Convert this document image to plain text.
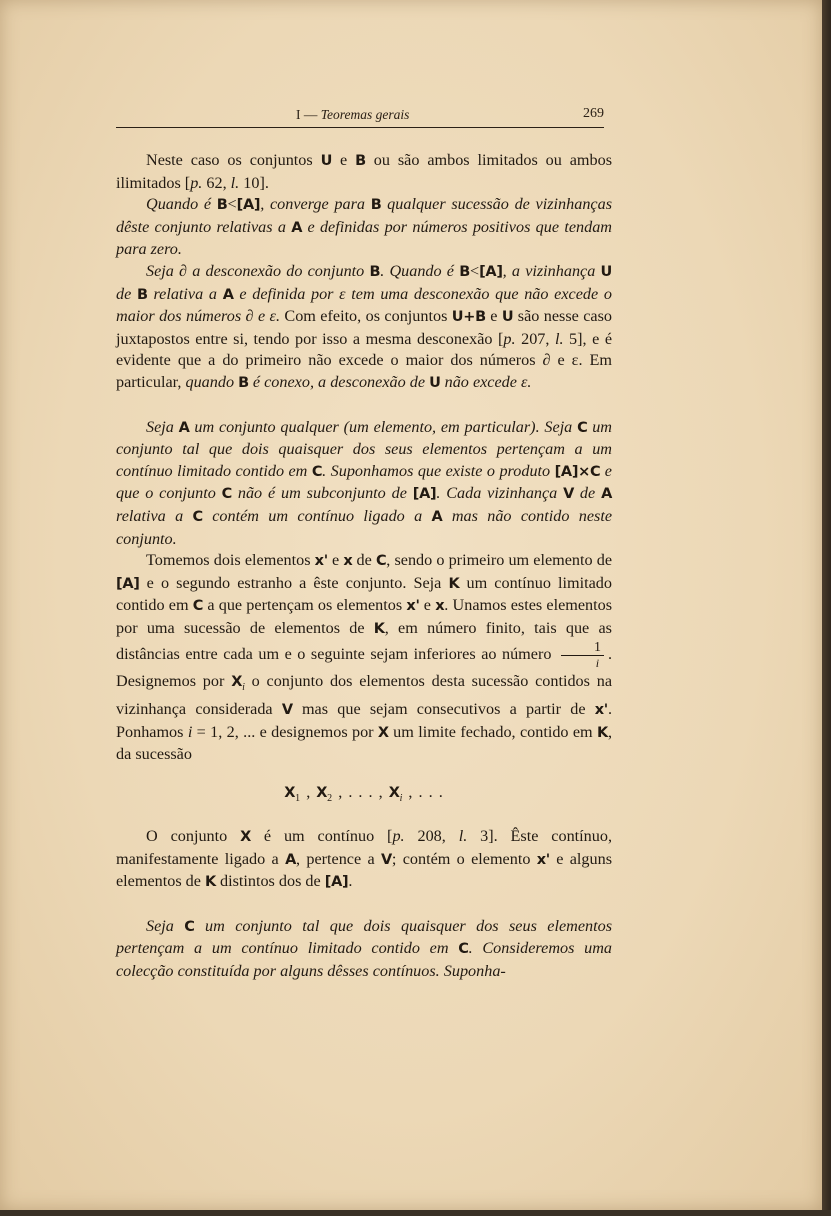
I — Teoremas gerais	269

Neste caso os conjuntos U e B ou são ambos limitados ou ambos ilimitados [p. 62, l. 10].

Quando é B<[A], converge para B qualquer sucessão de vizinhanças dêste conjunto relativas a A e definidas por números positivos que tendam para zero.

Seja ∂ a desconexão do conjunto B. Quando é B<[A], a vizinhança U de B relativa a A e definida por ε tem uma desconexão que não excede o maior dos números ∂ e ε. Com efeito, os conjuntos U+B e U são nesse caso juxtapostos entre si, tendo por isso a mesma desconexão [p. 207, l. 5], e é evidente que a do primeiro não excede o maior dos números ∂ e ε. Em particular, quando B é conexo, a desconexão de U não excede ε.

Seja A um conjunto qualquer (um elemento, em particular). Seja C um conjunto tal que dois quaisquer dos seus elementos pertençam a um contínuo limitado contido em C. Suponhamos que existe o produto [A]×C e que o conjunto C não é um subconjunto de [A]. Cada vizinhança V de A relativa a C contém um contínuo ligado a A mas não contido neste conjunto.

Tomemos dois elementos x' e x de C, sendo o primeiro um elemento de [A] e o segundo estranho a êste conjunto. Seja K um contínuo limitado contido em C a que pertençam os elementos x' e x. Unamos estes elementos por uma sucessão de elementos de K, em número finito, tais que as distâncias entre cada um e o seguinte sejam inferiores ao número $\frac{1}{i}$ . Designemos por $X_i$ o conjunto dos elementos desta sucessão contidos na vizinhança considerada V mas que sejam consecutivos a partir de x'. Ponhamos i = 1, 2, ... e designemos por X um limite fechado, contido em K, da sucessão

$X_1$ , $X_2$ , . . . , $X_i$ , . . .

O conjunto X é um contínuo [p. 208, l. 3]. Êste contínuo, manifestamente ligado a A, pertence a V; contém o elemento x' e alguns elementos de K distintos dos de [A].

Seja C um conjunto tal que dois quaisquer dos seus elementos pertençam a um contínuo limitado contido em C. Consideremos uma colecção constituída por alguns dêsses contínuos. Suponha-
